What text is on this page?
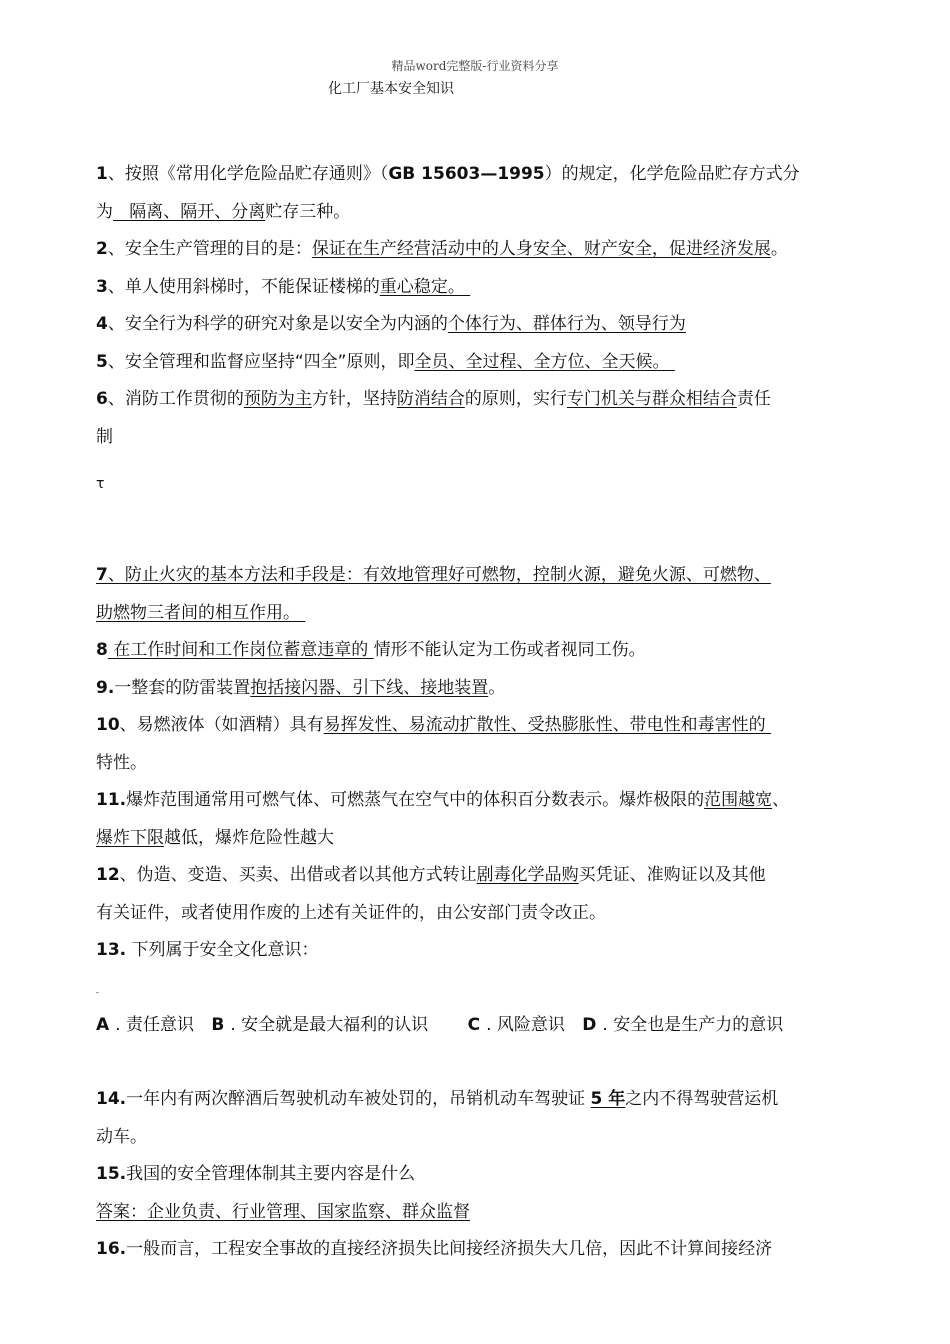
精品word完整版-行业资料分享
化工厂基本安全知识

1、按照《常用化学危险品贮存通则》（GB 15603—1995）的规定，化学危险品贮存方式分

为   隔离、隔开、分离贮存三种。

2、安全生产管理的目的是：保证在生产经营活动中的人身安全、财产安全，促进经济发展。

3、单人使用斜梯时，不能保证楼梯的重心稳定。

4、安全行为科学的研究对象是以安全为内涵的个体行为、群体行为、领导行为

5、安全管理和监督应坚持“四全”原则，即全员、全过程、全方位、全天候。

6、消防工作贯彻的预防为主方针，坚持防消结合的原则，实行专门机关与群众相结合责任

制

τ

7、防止火灾的基本方法和手段是：有效地管理好可燃物，控制火源，避免火源、可燃物、

助燃物三者间的相互作用。

8 在工作时间和工作岗位蓄意违章的 情形不能认定为工伤或者视同工伤。

9.一整套的防雷装置抱括接闪器、引下线、接地装置。

10、易燃液体（如酒精）具有易挥发性、易流动扩散性、受热膨胀性、带电性和毒害性的

特性。

11.爆炸范围通常用可燃气体、可燃蒸气在空气中的体积百分数表示。爆炸极限的范围越宽、

爆炸下限越低，爆炸危险性越大

12、伪造、变造、买卖、出借或者以其他方式转让剧毒化学品购买凭证、准购证以及其他

有关证件，或者使用作废的上述有关证件的，由公安部门责令改正。

13. 下列属于安全文化意识：

-

A . 责任意识 B . 安全就是最大福利的认识 C . 风险意识 D . 安全也是生产力的意识

14.一年内有两次醉酒后驾驶机动车被处罚的，吊销机动车驾驶证 5 年之内不得驾驶营运机

动车。

15.我国的安全管理体制其主要内容是什么

答案：企业负责、行业管理、国家监察、群众监督

16.一般而言，工程安全事故的直接经济损失比间接经济损失大几倍，因此不计算间接经济
